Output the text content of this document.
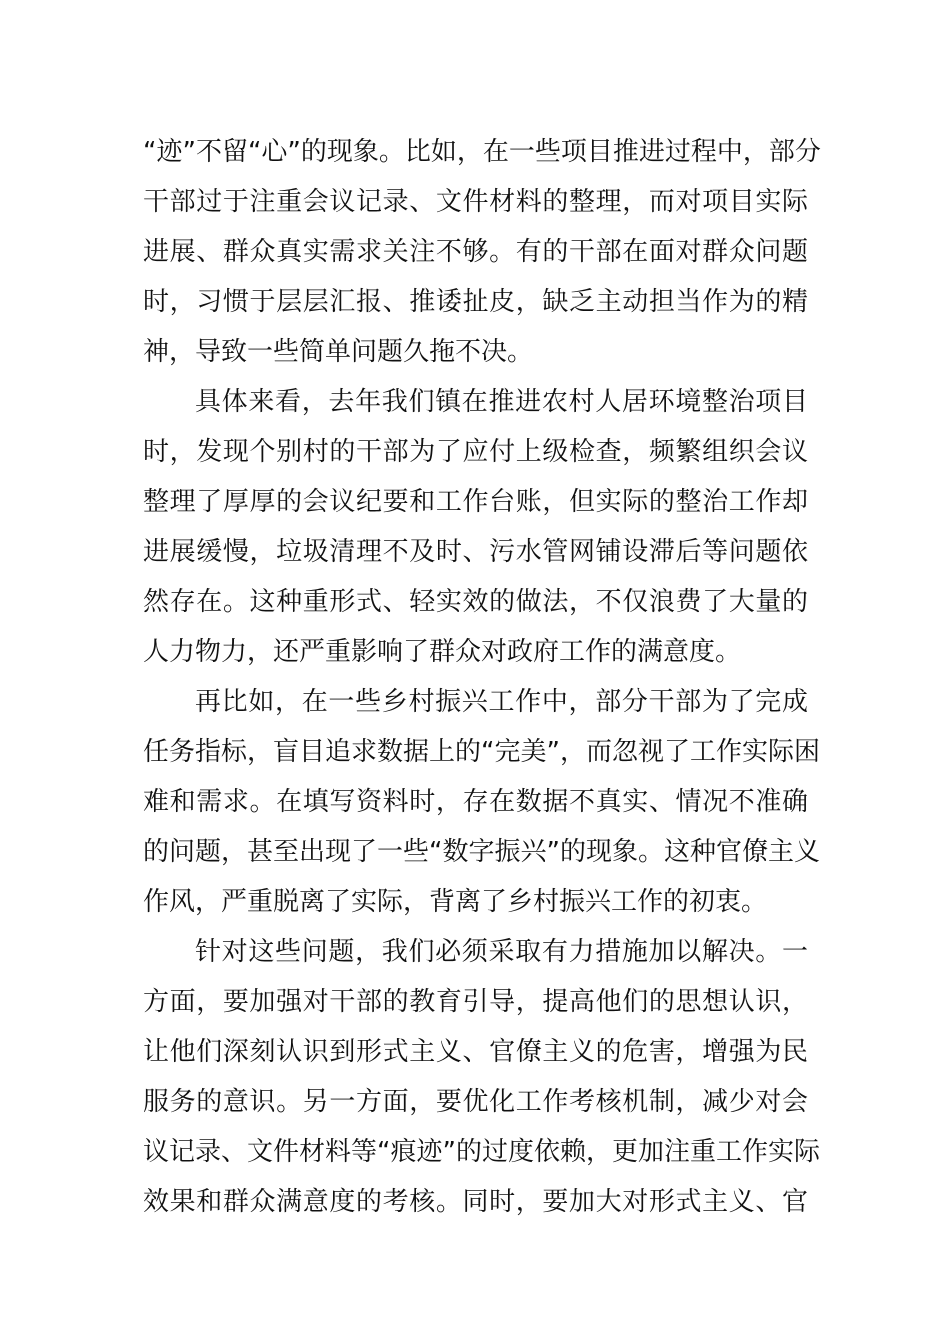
“迹”不留“心”的现象。比如，在一些项目推进过程中，部分
干部过于注重会议记录、文件材料的整理，而对项目实际
进展、群众真实需求关注不够。有的干部在面对群众问题
时，习惯于层层汇报、推诿扯皮，缺乏主动担当作为的精
神，导致一些简单问题久拖不决。
具体来看，去年我们镇在推进农村人居环境整治项目
时，发现个别村的干部为了应付上级检查，频繁组织会议
整理了厚厚的会议纪要和工作台账，但实际的整治工作却
进展缓慢，垃圾清理不及时、污水管网铺设滞后等问题依
然存在。这种重形式、轻实效的做法，不仅浪费了大量的
人力物力，还严重影响了群众对政府工作的满意度。
再比如，在一些乡村振兴工作中，部分干部为了完成
任务指标，盲目追求数据上的“完美”，而忽视了工作实际困
难和需求。在填写资料时，存在数据不真实、情况不准确
的问题，甚至出现了一些“数字振兴”的现象。这种官僚主义
作风，严重脱离了实际，背离了乡村振兴工作的初衷。
针对这些问题，我们必须采取有力措施加以解决。一
方面，要加强对干部的教育引导，提高他们的思想认识，
让他们深刻认识到形式主义、官僚主义的危害，增强为民
服务的意识。另一方面，要优化工作考核机制，减少对会
议记录、文件材料等“痕迹”的过度依赖，更加注重工作实际
效果和群众满意度的考核。同时，要加大对形式主义、官
